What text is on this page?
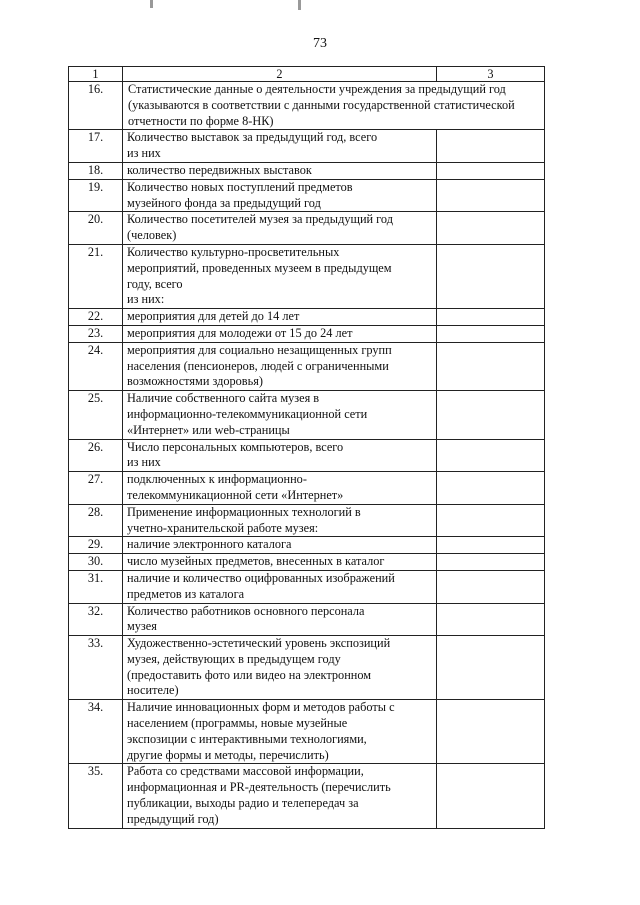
73
1	2	3
16.	Статистические данные о деятельности учреждения за предыдущий год
(указываются в соответствии с данными государственной статистической
отчетности по форме 8-НК)	

17.	Количество выставок за предыдущий год, всего
из них	

18.	количество передвижных выставок	

19.	Количество новых поступлений предметов
музейного фонда за предыдущий год	

20.	Количество посетителей музея за предыдущий год
(человек)	

21.	Количество культурно-просветительных
мероприятий, проведенных музеем в предыдущем
году, всего
из них:	

22.	мероприятия для детей до 14 лет	

23.	мероприятия для молодежи от 15 до 24 лет	

24.	мероприятия для социально незащищенных групп
населения (пенсионеров, людей с ограниченными
возможностями здоровья)	

25.	Наличие собственного сайта музея в
информационно-телекоммуникационной сети
«Интернет» или web-страницы	

26.	Число персональных компьютеров, всего
из них	

27.	подключенных к информационно-
телекоммуникационной сети «Интернет»	

28.	Применение информационных технологий в
учетно-хранительской работе музея:	

29.	наличие электронного каталога	

30.	число музейных предметов, внесенных в каталог	

31.	наличие и количество оцифрованных изображений
предметов из каталога	

32.	Количество работников основного персонала
музея	

33.	Художественно-эстетический уровень экспозиций
музея, действующих в предыдущем году
(предоставить фото или видео на электронном
носителе)	

34.	Наличие инновационных форм и методов работы с
населением (программы, новые музейные
экспозиции с интерактивными технологиями,
другие формы и методы, перечислить)	

35.	Работа со средствами массовой информации,
информационная и PR-деятельность (перечислить
публикации, выходы радио и телепередач за
предыдущий год)	
